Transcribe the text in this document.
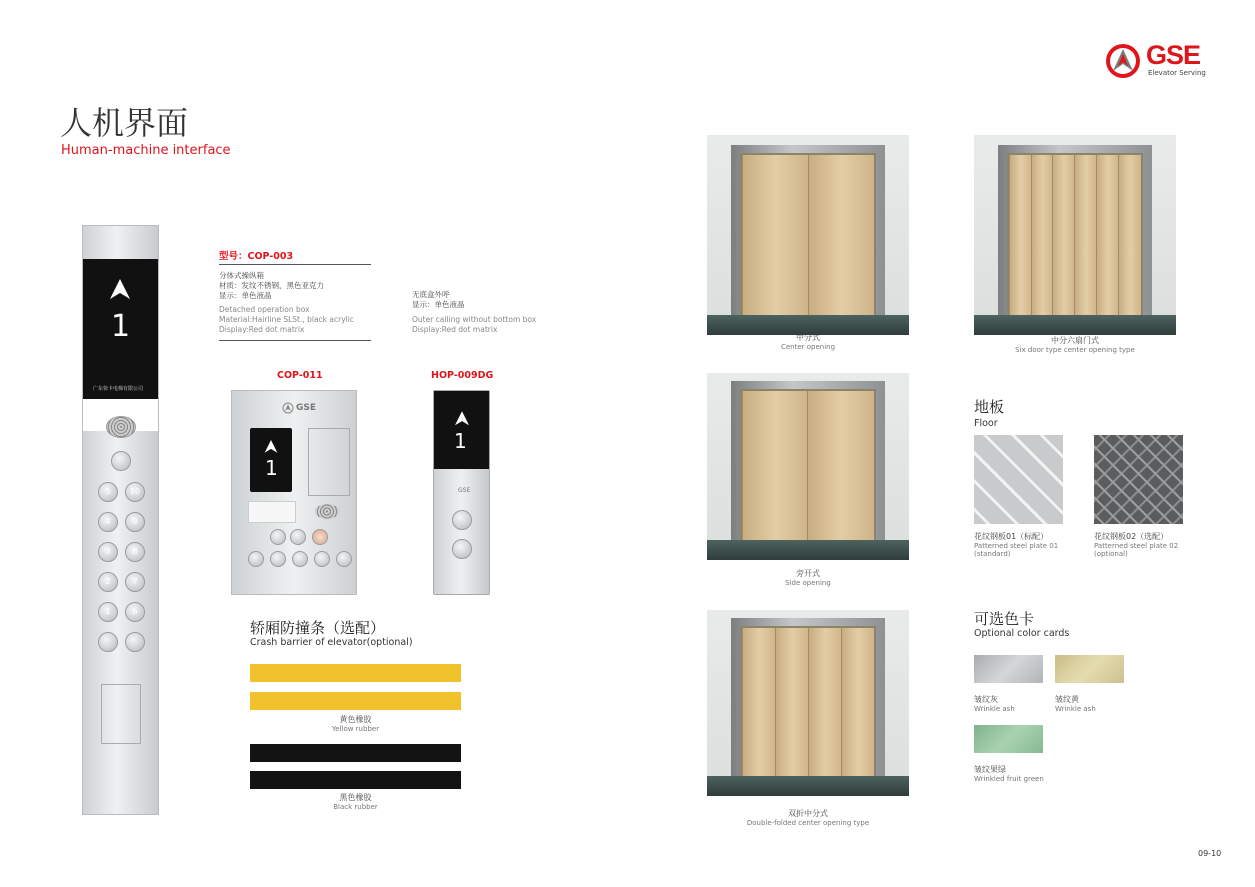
GSE
Elevator Serving
人机界面
Human-machine interface
1
广东快卡电梯有限公司
5	10
4	9
3	8
2	7
1	6
型号：COP-003
分体式操纵箱
材质：发纹不锈钢，黑色亚克力
显示：单色液晶
Detached operation box
Material:Hairline SLSt., black acrylic
Display:Red dot matrix
无底盒外呼
显示：单色液晶
Outer calling without bottom box
Display:Red dot matrix
COP-011
GSE
1
HOP-009DG
1
GSE
轿厢防撞条（选配）
Crash barrier of elevator(optional)
黄色橡胶
Yellow rubber
黑色橡胶
Black rubber
中分式
Center opening
中分六扇门式
Six door type center opening type
旁开式
Side opening
双折中分式
Double-folded center opening type
地板
Floor
花纹钢板01（标配）
Patterned steel plate 01
(standard)
花纹钢板02（选配）
Patterned steel plate 02
(optional)
可选色卡
Optional color cards
皱纹灰
Wrinkle ash
皱纹黄
Wrinkle ash
皱纹果绿
Wrinkled fruit green
09-10
